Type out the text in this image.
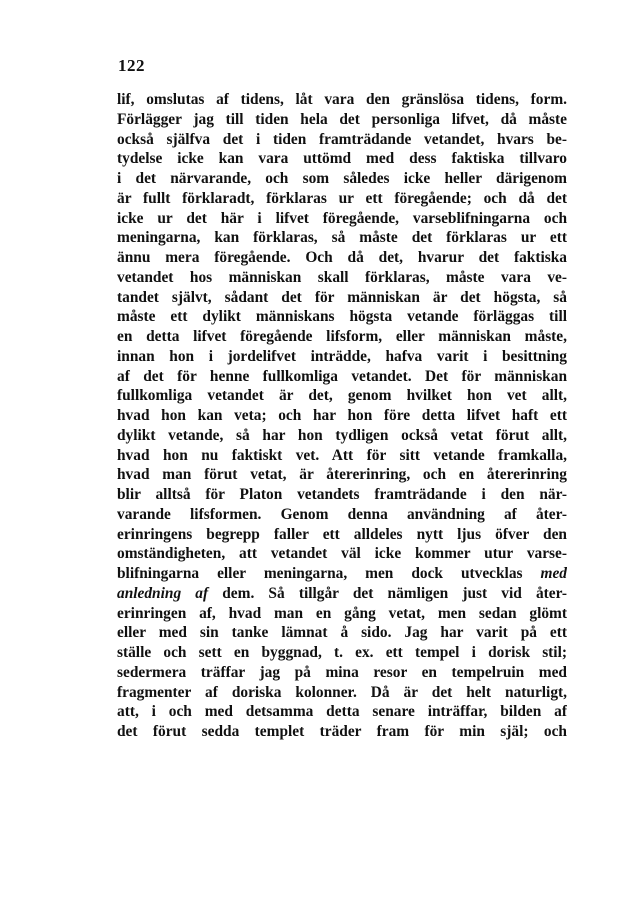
122
lif, omslutas af tidens, låt vara den gränslösa tidens, form.
Förlägger jag till tiden hela det personliga lifvet, då måste
också själfva det i tiden framträdande vetandet, hvars be-
tydelse icke kan vara uttömd med dess faktiska tillvaro
i det närvarande, och som således icke heller därigenom
är fullt förklaradt, förklaras ur ett föregående; och då det
icke ur det här i lifvet föregående, varseblifningarna och
meningarna, kan förklaras, så måste det förklaras ur ett
ännu mera föregående. Och då det, hvarur det faktiska
vetandet hos människan skall förklaras, måste vara ve-
tandet självt, sådant det för människan är det högsta, så
måste ett dylikt människans högsta vetande förläggas till
en detta lifvet föregående lifsform, eller människan måste,
innan hon i jordelifvet inträdde, hafva varit i besittning
af det för henne fullkomliga vetandet. Det för människan
fullkomliga vetandet är det, genom hvilket hon vet allt,
hvad hon kan veta; och har hon före detta lifvet haft ett
dylikt vetande, så har hon tydligen också vetat förut allt,
hvad hon nu faktiskt vet. Att för sitt vetande framkalla,
hvad man förut vetat, är återerinring, och en återerinring
blir alltså för Platon vetandets framträdande i den när-
varande lifsformen. Genom denna användning af åter-
erinringens begrepp faller ett alldeles nytt ljus öfver den
omständigheten, att vetandet väl icke kommer utur varse-
blifningarna eller meningarna, men dock utvecklas med
anledning af dem. Så tillgår det nämligen just vid åter-
erinringen af, hvad man en gång vetat, men sedan glömt
eller med sin tanke lämnat å sido. Jag har varit på ett
ställe och sett en byggnad, t. ex. ett tempel i dorisk stil;
sedermera träffar jag på mina resor en tempelruin med
fragmenter af doriska kolonner. Då är det helt naturligt,
att, i och med detsamma detta senare inträffar, bilden af
det förut sedda templet träder fram för min själ; och
